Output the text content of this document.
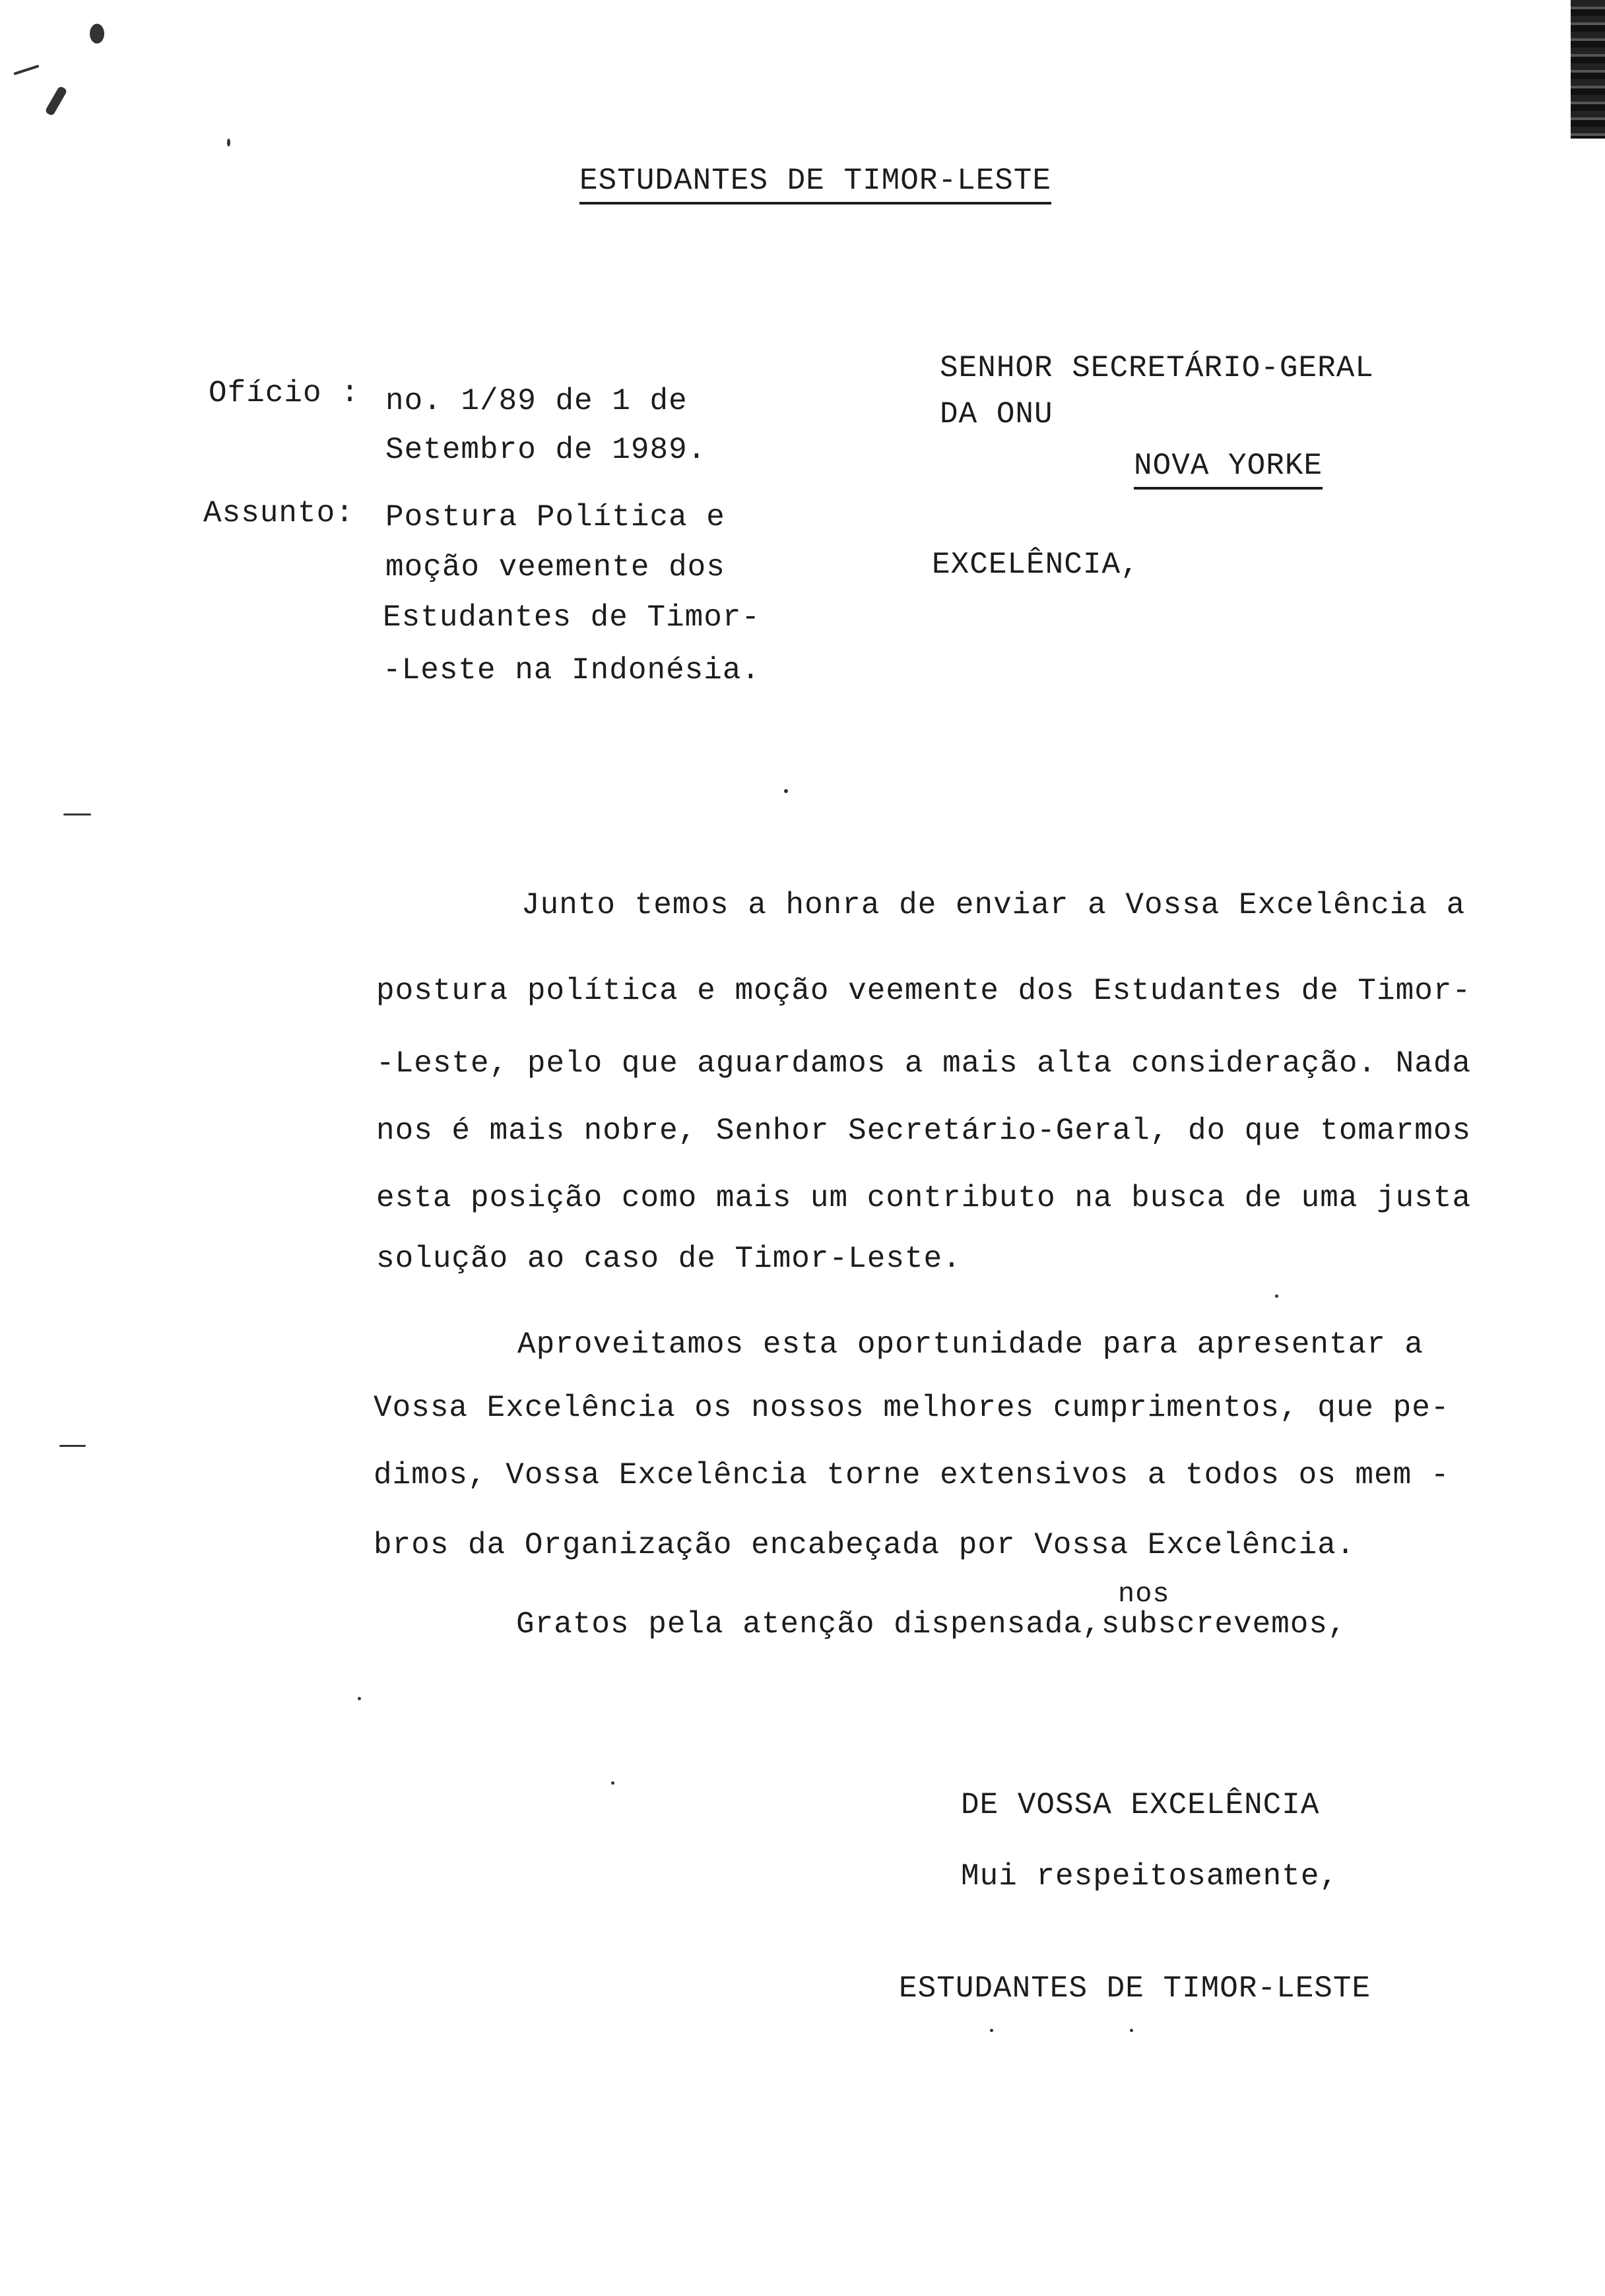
ESTUDANTES DE TIMOR-LESTE
Ofício : no. 1/89 de 1 de
Setembro de 1989.
Assunto: Postura Política e
moção veemente dos
Estudantes de Timor-
-Leste na Indonésia.
SENHOR SECRETÁRIO-GERAL
DA ONU
NOVA YORKE
EXCELÊNCIA,
Junto temos a honra de enviar a Vossa Excelência a
postura política e moção veemente dos Estudantes de Timor-
-Leste, pelo que aguardamos a mais alta consideração. Nada
nos é mais nobre, Senhor Secretário-Geral, do que tomarmos
esta posição como mais um contributo na busca de uma justa
solução ao caso de Timor-Leste.
Aproveitamos esta oportunidade para apresentar a
Vossa Excelência os nossos melhores cumprimentos, que pe-
dimos, Vossa Excelência torne extensivos a todos os mem -
bros da Organização encabeçada por Vossa Excelência.
nos
Gratos pela atenção dispensada,subscrevemos,
DE VOSSA EXCELÊNCIA
Mui respeitosamente,
ESTUDANTES DE TIMOR-LESTE
